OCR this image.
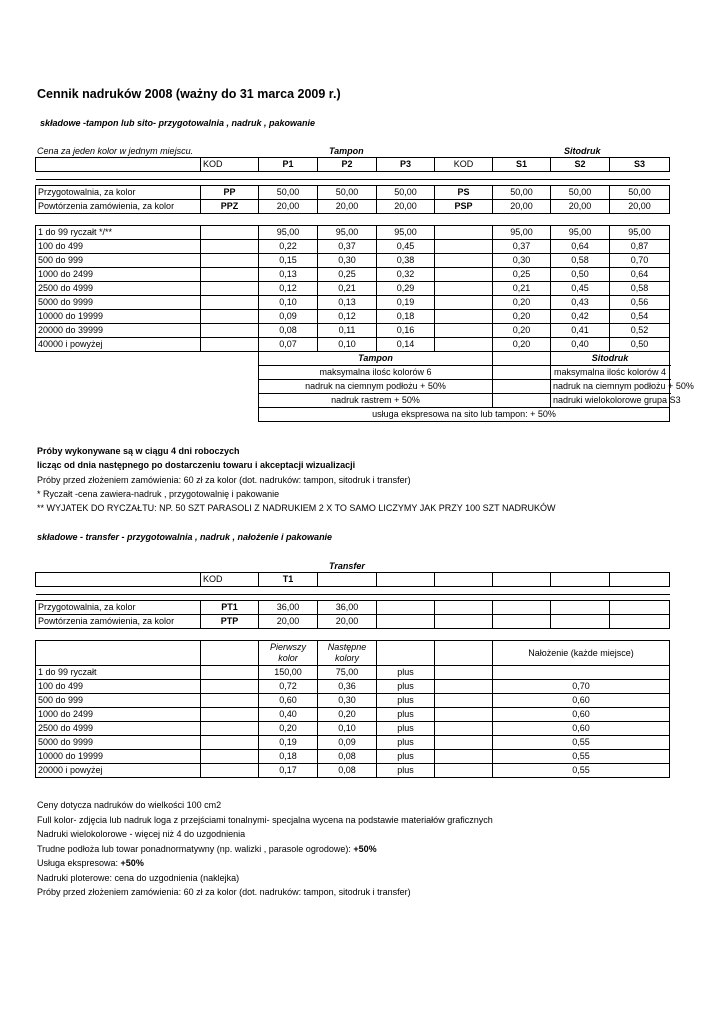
Cennik nadruków 2008 (ważny do 31 marca 2009 r.)
składowe -tampon lub sito- przygotowalnia , nadruk , pakowanie
Cena za jeden kolor w jednym miejscu.	Tampon	Sitodruk
	KOD	P1	P2	P3	KOD	S1	S2	S3

Przygotowalnia, za kolor	PP	50,00	50,00	50,00	PS	50,00	50,00	50,00
Powtórzenia zamówienia, za kolor	PPZ	20,00	20,00	20,00	PSP	20,00	20,00	20,00

1 do 99 ryczałt */**		95,00	95,00	95,00		95,00	95,00	95,00
100 do 499		0,22	0,37	0,45		0,37	0,64	0,87
500 do 999		0,15	0,30	0,38		0,30	0,58	0,70
1000 do 2499		0,13	0,25	0,32		0,25	0,50	0,64
2500 do 4999		0,12	0,21	0,29		0,21	0,45	0,58
5000 do 9999		0,10	0,13	0,19		0,20	0,43	0,56
10000 do 19999		0,09	0,12	0,18		0,20	0,42	0,54
20000 do 39999		0,08	0,11	0,16		0,20	0,41	0,52
40000 i powyżej		0,07	0,10	0,14		0,20	0,40	0,50
		Tampon					Sitodruk	
		maksymalna ilośc kolorów 6					maksymalna ilośc kolorów 4	
		nadruk na ciemnym podłożu + 50%					nadruk na ciemnym podłożu + 50%	
		nadruk rastrem + 50%					nadruki wielokolorowe grupa S3	
		usługa ekspresowa na sito lub tampon: + 50%						
Próby wykonywane są w ciągu 4 dni roboczych
licząc od dnia następnego po dostarczeniu towaru i akceptacji wizualizacji
Próby przed złożeniem zamówienia: 60 zł za kolor (dot. nadruków: tampon, sitodruk i transfer)
* Ryczałt -cena zawiera-nadruk , przygotowalnię i pakowanie
** WYJATEK DO RYCZAŁTU: NP. 50 SZT PARASOLI Z NADRUKIEM 2 X TO SAMO LICZYMY JAK PRZY 100 SZT NADRUKÓW
składowe - transfer - przygotowalnia , nadruk , nałożenie i pakowanie
Transfer
	KOD	T1						

Przygotowalnia, za kolor	PT1	36,00	36,00					
Powtórzenia zamówienia, za kolor	PTP	20,00	20,00					

		Pierwszy kolor	Następne kolory			Nałożenie (każde miejsce)		
1 do 99 ryczałt		150,00	75,00	plus				
100 do 499		0,72	0,36	plus		0,70		
500 do 999		0,60	0,30	plus		0,60		
1000 do 2499		0,40	0,20	plus		0,60		
2500 do 4999		0,20	0,10	plus		0,60		
5000 do 9999		0,19	0,09	plus		0,55		
10000 do 19999		0,18	0,08	plus		0,55		
20000 i powyżej		0,17	0,08	plus		0,55		
Ceny dotycza nadruków do wielkości 100 cm2
Full kolor- zdjęcia lub nadruk loga z przejściami tonalnymi- specjalna wycena na podstawie materiałów graficznych
Nadruki wielokolorowe - więcej niż 4 do uzgodnienia
Trudne podłoża lub towar ponadnormatywny (np. walizki , parasole ogrodowe): +50%
Usługa ekspresowa: +50%
Nadruki ploterowe: cena do uzgodnienia (naklejka)
Próby przed złożeniem zamówienia: 60 zł za kolor (dot. nadruków: tampon, sitodruk i transfer)
